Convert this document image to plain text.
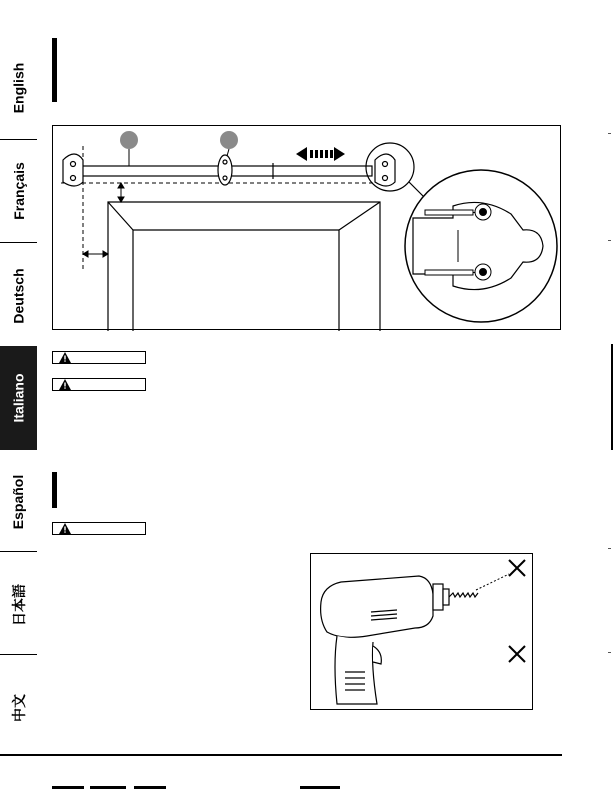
English
Français
Deutsch
Italiano
Español
日本語
中文
